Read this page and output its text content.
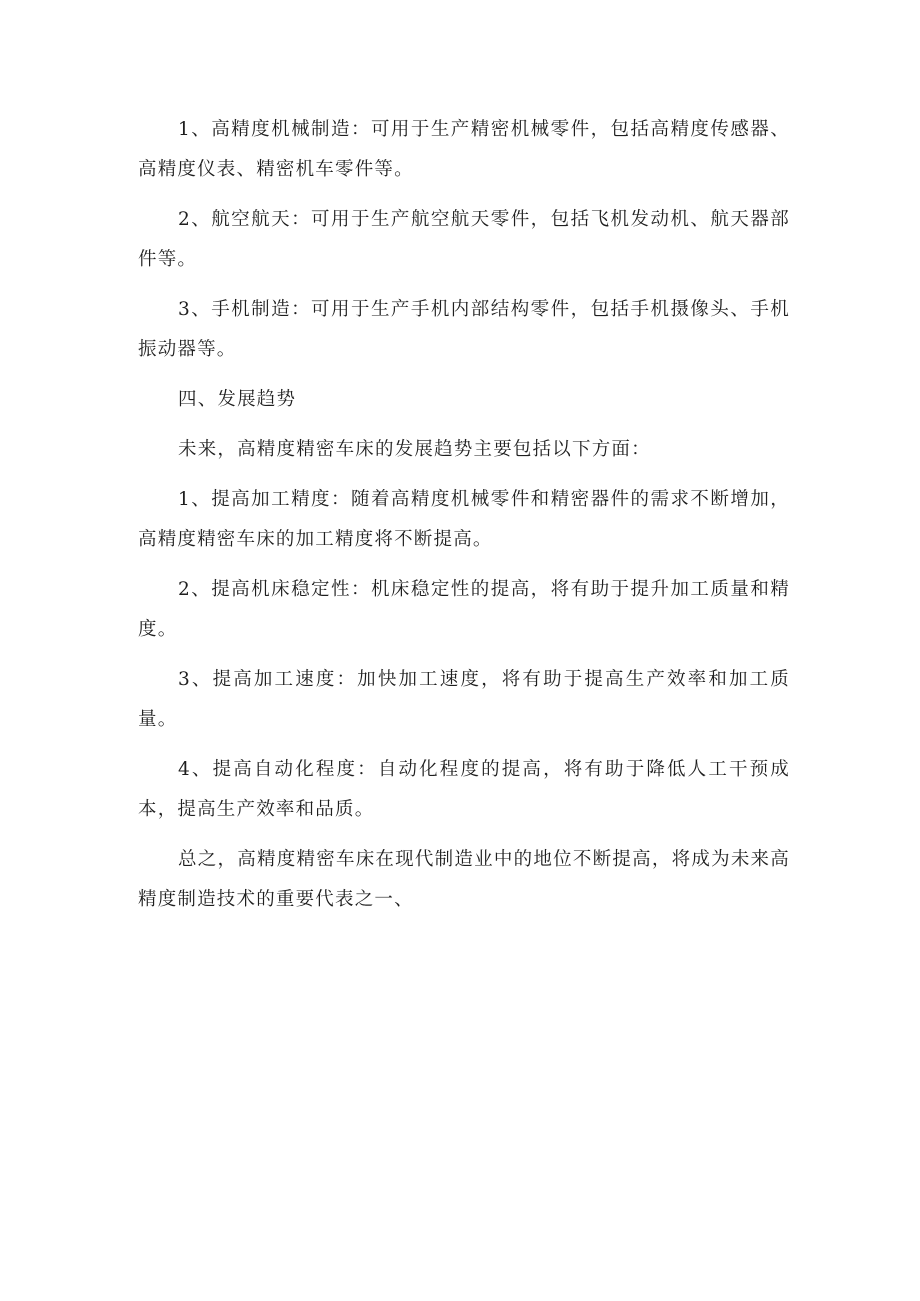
1、高精度机械制造：可用于生产精密机械零件，包括高精度传感器、高精度仪表、精密机车零件等。

2、航空航天：可用于生产航空航天零件，包括飞机发动机、航天器部件等。

3、手机制造：可用于生产手机内部结构零件，包括手机摄像头、手机振动器等。

四、发展趋势

未来，高精度精密车床的发展趋势主要包括以下方面：

1、提高加工精度：随着高精度机械零件和精密器件的需求不断增加，高精度精密车床的加工精度将不断提高。

2、提高机床稳定性：机床稳定性的提高，将有助于提升加工质量和精度。

3、提高加工速度：加快加工速度，将有助于提高生产效率和加工质量。

4、提高自动化程度：自动化程度的提高，将有助于降低人工干预成本，提高生产效率和品质。

总之，高精度精密车床在现代制造业中的地位不断提高，将成为未来高精度制造技术的重要代表之一、
